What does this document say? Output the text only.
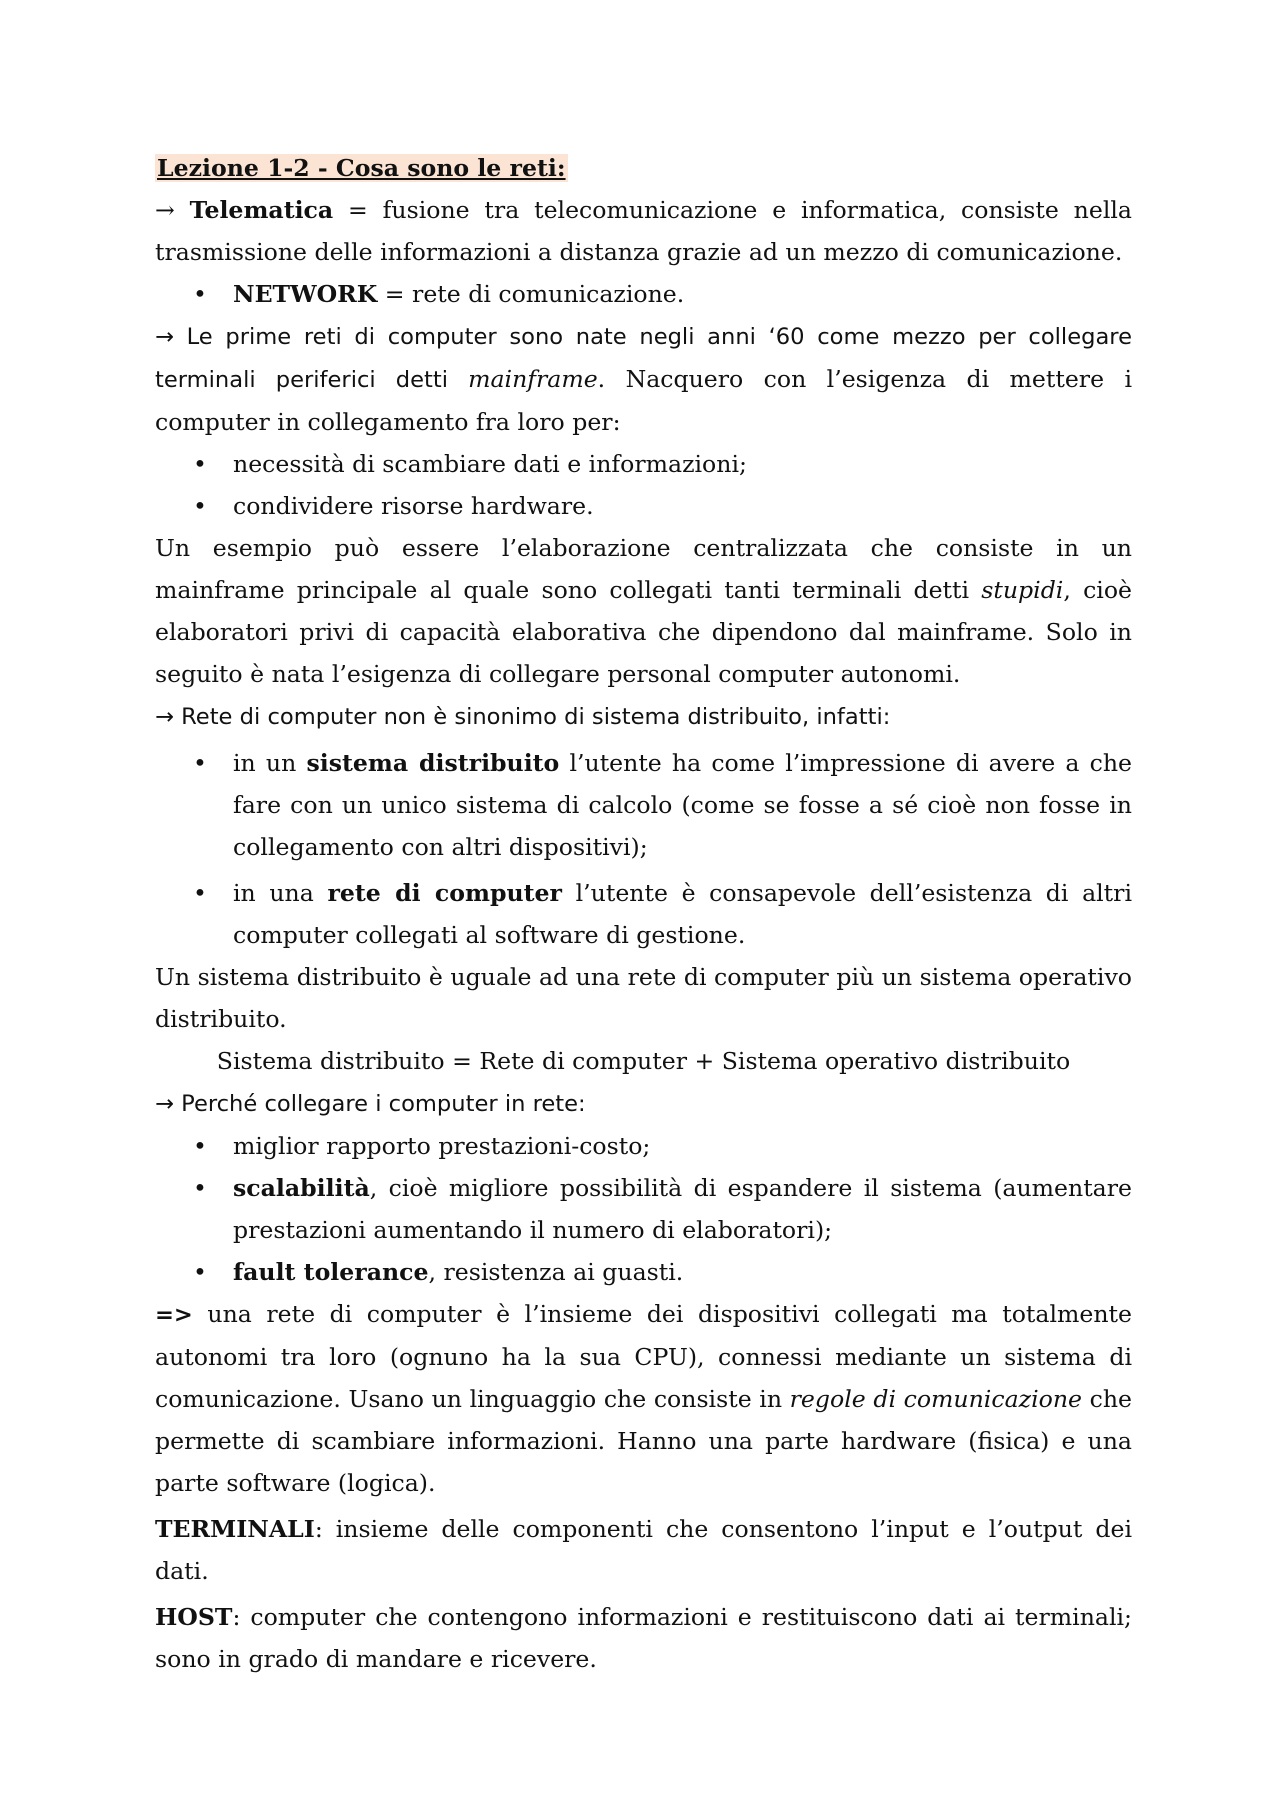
Lezione 1-2 - Cosa sono le reti:

→ Telematica = fusione tra telecomunicazione e informatica, consiste nella trasmissione delle informazioni a distanza grazie ad un mezzo di comunicazione.

• NETWORK = rete di comunicazione.

→ Le prime reti di computer sono nate negli anni ‘60 come mezzo per collegare terminali periferici detti mainframe. Nacquero con l’esigenza di mettere i computer in collegamento fra loro per:

• necessità di scambiare dati e informazioni;
• condividere risorse hardware.

Un esempio può essere l’elaborazione centralizzata che consiste in un mainframe principale al quale sono collegati tanti terminali detti stupidi, cioè elaboratori privi di capacità elaborativa che dipendono dal mainframe. Solo in seguito è nata l’esigenza di collegare personal computer autonomi.

→ Rete di computer non è sinonimo di sistema distribuito, infatti:

• in un sistema distribuito l’utente ha come l’impressione di avere a che fare con un unico sistema di calcolo (come se fosse a sé cioè non fosse in collegamento con altri dispositivi);
• in una rete di computer l’utente è consapevole dell’esistenza di altri computer collegati al software di gestione.

Un sistema distribuito è uguale ad una rete di computer più un sistema operativo distribuito.

Sistema distribuito = Rete di computer + Sistema operativo distribuito

→ Perché collegare i computer in rete:

• miglior rapporto prestazioni-costo;
• scalabilità, cioè migliore possibilità di espandere il sistema (aumentare prestazioni aumentando il numero di elaboratori);
• fault tolerance, resistenza ai guasti.

=> una rete di computer è l’insieme dei dispositivi collegati ma totalmente autonomi tra loro (ognuno ha la sua CPU), connessi mediante un sistema di comunicazione. Usano un linguaggio che consiste in regole di comunicazione che permette di scambiare informazioni. Hanno una parte hardware (fisica) e una parte software (logica).

TERMINALI: insieme delle componenti che consentono l’input e l’output dei dati.

HOST: computer che contengono informazioni e restituiscono dati ai terminali; sono in grado di mandare e ricevere.
